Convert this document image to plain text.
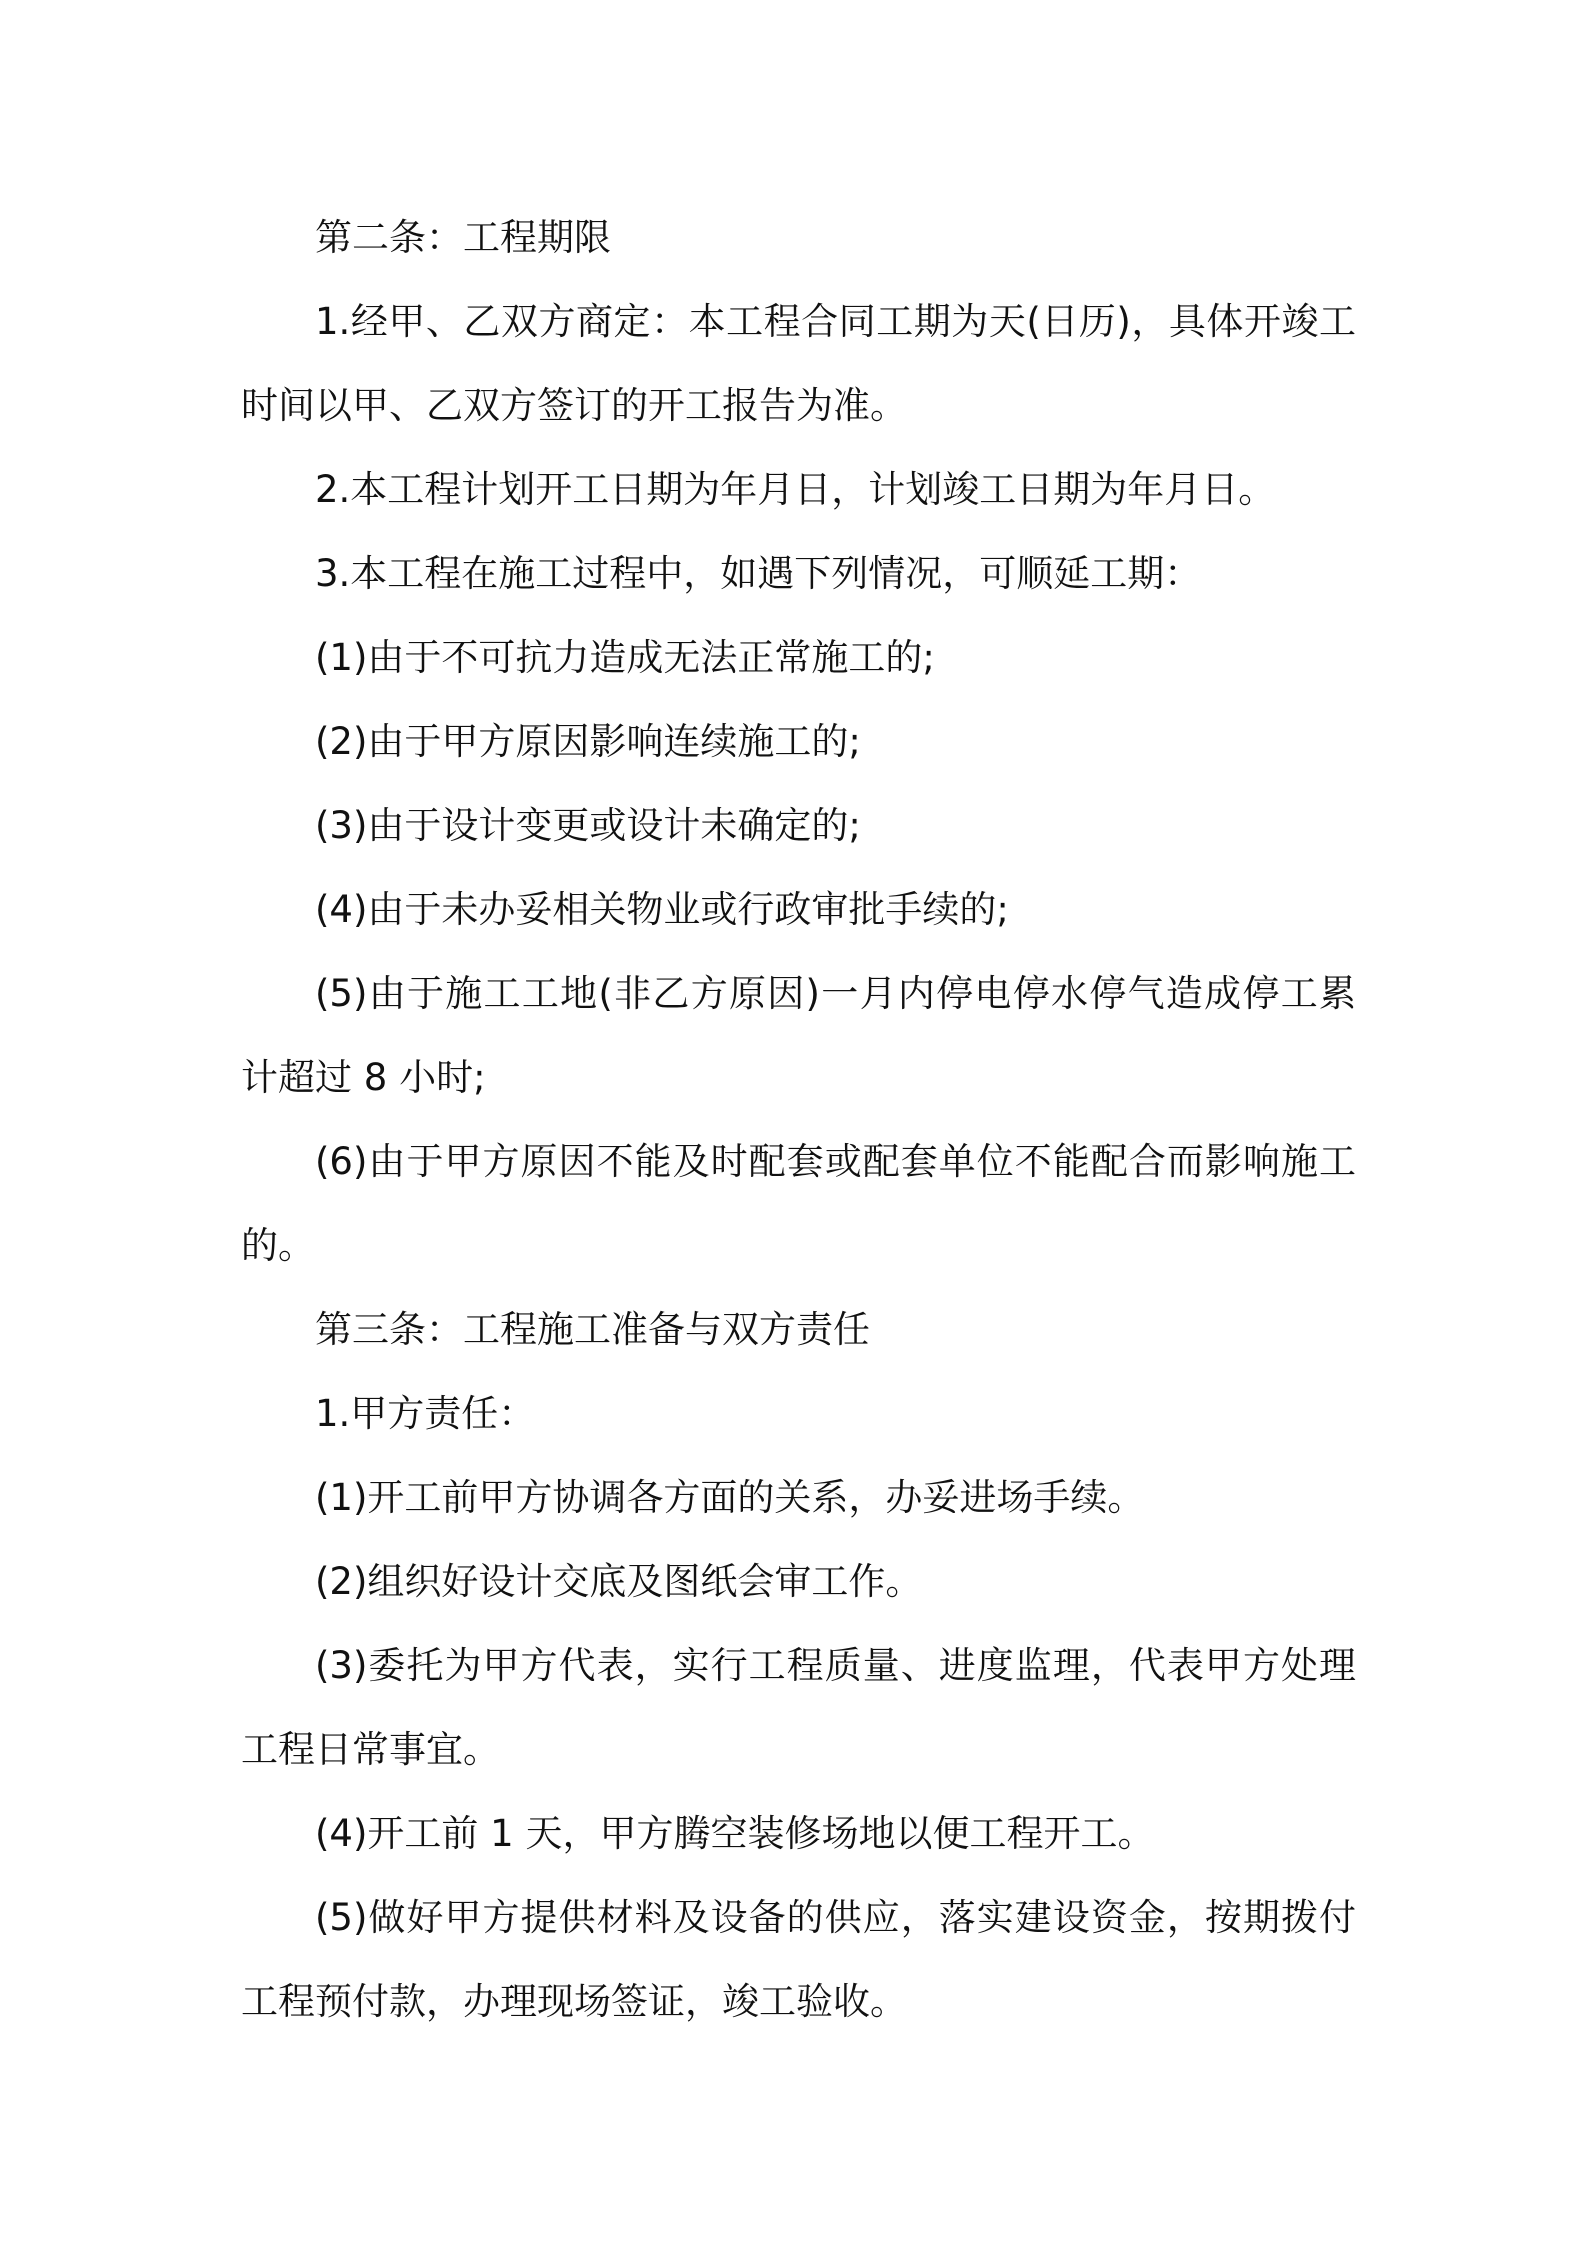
第二条：工程期限

1.经甲、乙双方商定：本工程合同工期为天(日历)，具体开竣工时间以甲、乙双方签订的开工报告为准。

2.本工程计划开工日期为年月日，计划竣工日期为年月日。

3.本工程在施工过程中，如遇下列情况，可顺延工期：

(1)由于不可抗力造成无法正常施工的;

(2)由于甲方原因影响连续施工的;

(3)由于设计变更或设计未确定的;

(4)由于未办妥相关物业或行政审批手续的;

(5)由于施工工地(非乙方原因)一月内停电停水停气造成停工累计超过 8 小时;

(6)由于甲方原因不能及时配套或配套单位不能配合而影响施工的。

第三条：工程施工准备与双方责任

1.甲方责任：

(1)开工前甲方协调各方面的关系，办妥进场手续。

(2)组织好设计交底及图纸会审工作。

(3)委托为甲方代表，实行工程质量、进度监理，代表甲方处理工程日常事宜。

(4)开工前 1 天，甲方腾空装修场地以便工程开工。

(5)做好甲方提供材料及设备的供应，落实建设资金，按期拨付工程预付款，办理现场签证，竣工验收。
